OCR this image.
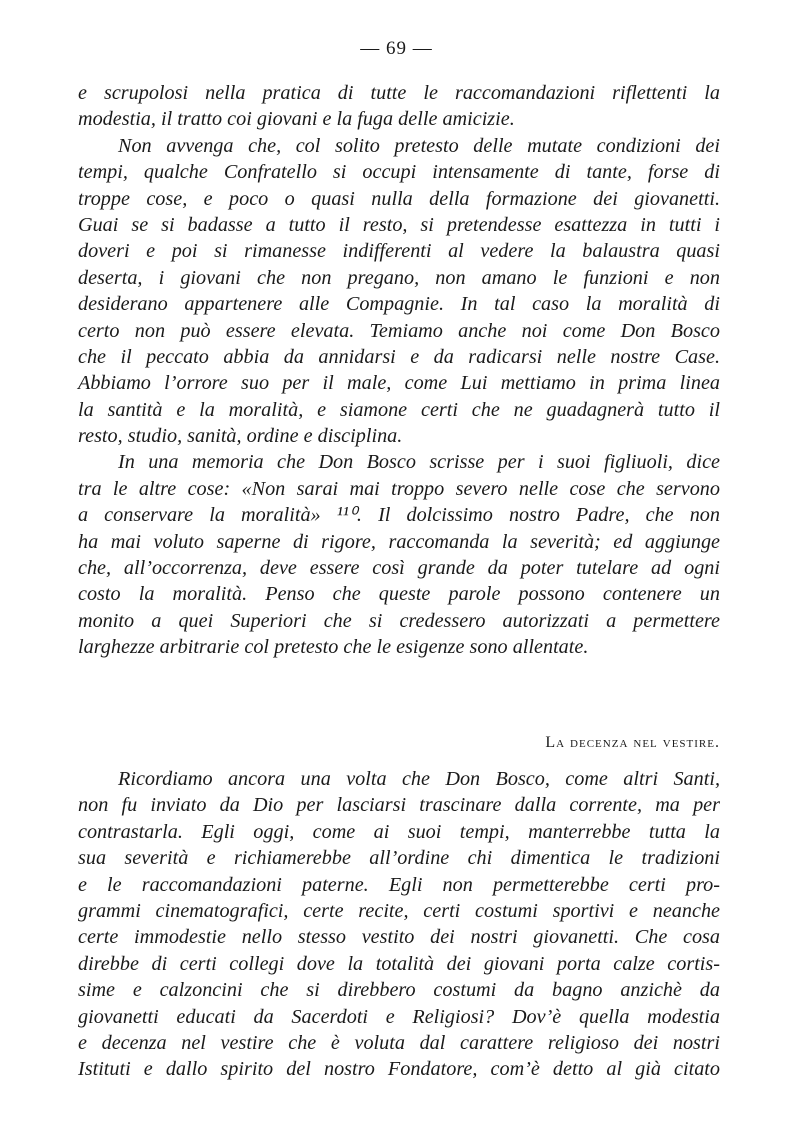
— 69 —
e scrupolosi nella pratica di tutte le raccomandazioni riflettenti la
modestia, il tratto coi giovani e la fuga delle amicizie.
Non avvenga che, col solito pretesto delle mutate condizioni dei
tempi, qualche Confratello si occupi intensamente di tante, forse di
troppe cose, e poco o quasi nulla della formazione dei giovanetti.
Guai se si badasse a tutto il resto, si pretendesse esattezza in tutti i
doveri e poi si rimanesse indifferenti al vedere la balaustra quasi
deserta, i giovani che non pregano, non amano le funzioni e non
desiderano appartenere alle Compagnie. In tal caso la moralità di
certo non può essere elevata. Temiamo anche noi come Don Bosco
che il peccato abbia da annidarsi e da radicarsi nelle nostre Case.
Abbiamo l’orrore suo per il male, come Lui mettiamo in prima linea
la santità e la moralità, e siamone certi che ne guadagnerà tutto il
resto, studio, sanità, ordine e disciplina.
In una memoria che Don Bosco scrisse per i suoi figliuoli, dice
tra le altre cose: «Non sarai mai troppo severo nelle cose che servono
a conservare la moralità» ¹¹⁰. Il dolcissimo nostro Padre, che non
ha mai voluto saperne di rigore, raccomanda la severità; ed aggiunge
che, all’occorrenza, deve essere così grande da poter tutelare ad ogni
costo la moralità. Penso che queste parole possono contenere un
monito a quei Superiori che si credessero autorizzati a permettere
larghezze arbitrarie col pretesto che le esigenze sono allentate.
La decenza nel vestire.
Ricordiamo ancora una volta che Don Bosco, come altri Santi,
non fu inviato da Dio per lasciarsi trascinare dalla corrente, ma per
contrastarla. Egli oggi, come ai suoi tempi, manterrebbe tutta la
sua severità e richiamerebbe all’ordine chi dimentica le tradizioni
e le raccomandazioni paterne. Egli non permetterebbe certi pro-
grammi cinematografici, certe recite, certi costumi sportivi e neanche
certe immodestie nello stesso vestito dei nostri giovanetti. Che cosa
direbbe di certi collegi dove la totalità dei giovani porta calze cortis-
sime e calzoncini che si direbbero costumi da bagno anzichè da
giovanetti educati da Sacerdoti e Religiosi? Dov’è quella modestia
e decenza nel vestire che è voluta dal carattere religioso dei nostri
Istituti e dallo spirito del nostro Fondatore, com’è detto al già citato
